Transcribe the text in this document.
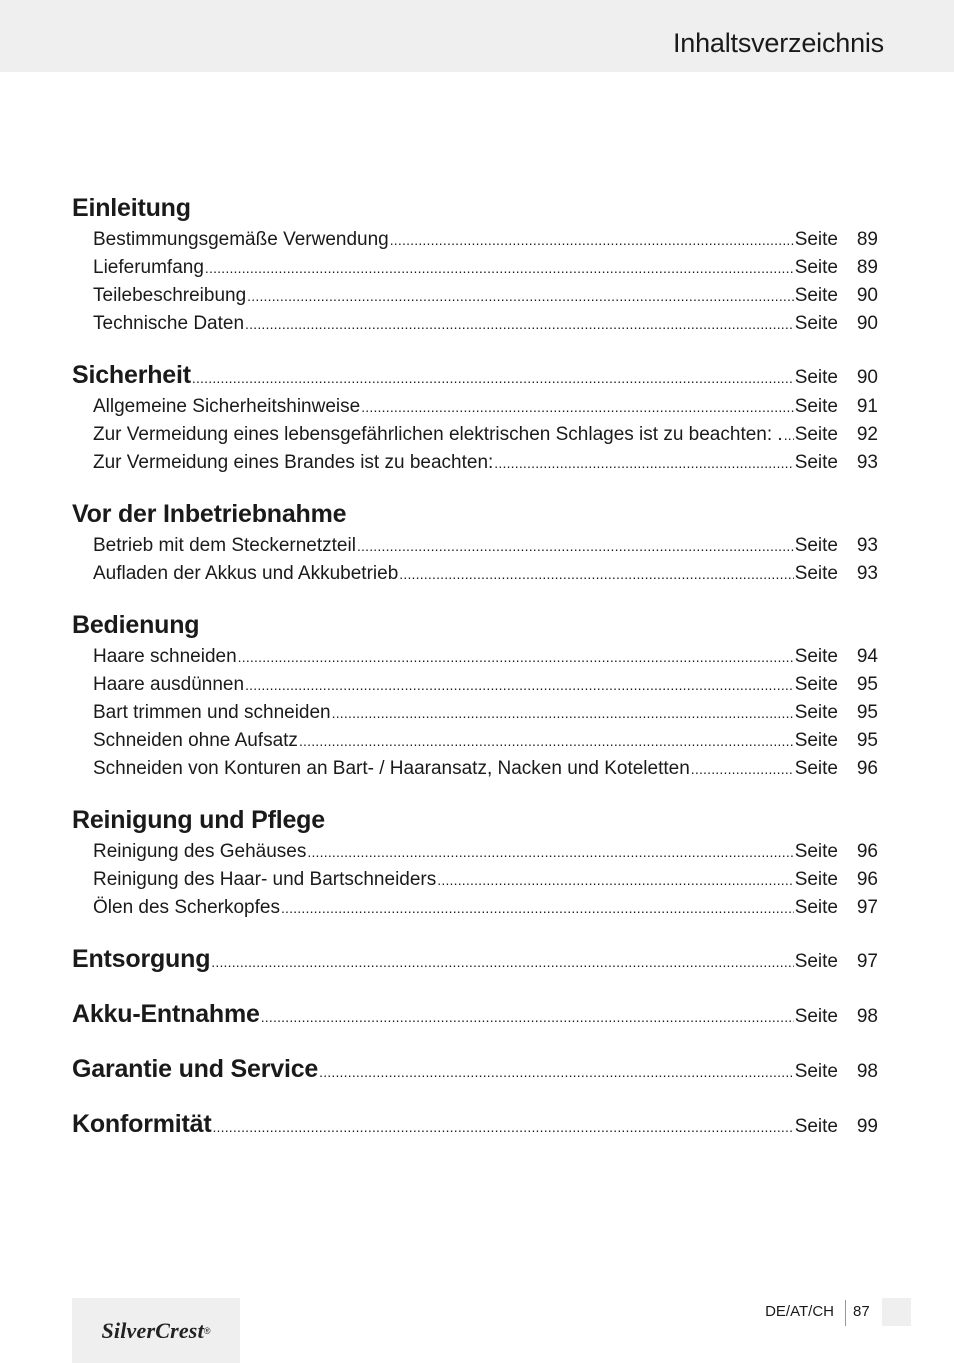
Inhaltsverzeichnis
Einleitung
Bestimmungsgemäße Verwendung .....	Seite 89
Lieferumfang .....	Seite 89
Teilebeschreibung .....	Seite 90
Technische Daten .....	Seite 90
Sicherheit .....	Seite 90
Allgemeine Sicherheitshinweise .....	Seite 91
Zur Vermeidung eines lebensgefährlichen elektrischen Schlages ist zu beachten: . ..... Seite 92
Zur Vermeidung eines Brandes ist zu beachten: .....	Seite 93
Vor der Inbetriebnahme
Betrieb mit dem Steckernetzteil .....	Seite 93
Aufladen der Akkus und Akkubetrieb .....	Seite 93
Bedienung
Haare schneiden .....	Seite 94
Haare ausdünnen .....	Seite 95
Bart trimmen und schneiden .....	Seite 95
Schneiden ohne Aufsatz .....	Seite 95
Schneiden von Konturen an Bart- / Haaransatz, Nacken und Koteletten .....	Seite 96
Reinigung und Pflege
Reinigung des Gehäuses .....	Seite 96
Reinigung des Haar- und Bartschneiders .....	Seite 96
Ölen des Scherkopfes .....	Seite 97
Entsorgung .....	Seite 97
Akku-Entnahme .....	Seite 98
Garantie und Service .....	Seite 98
Konformität .....	Seite 99
SilverCrest ®
DE/AT/CH 87
